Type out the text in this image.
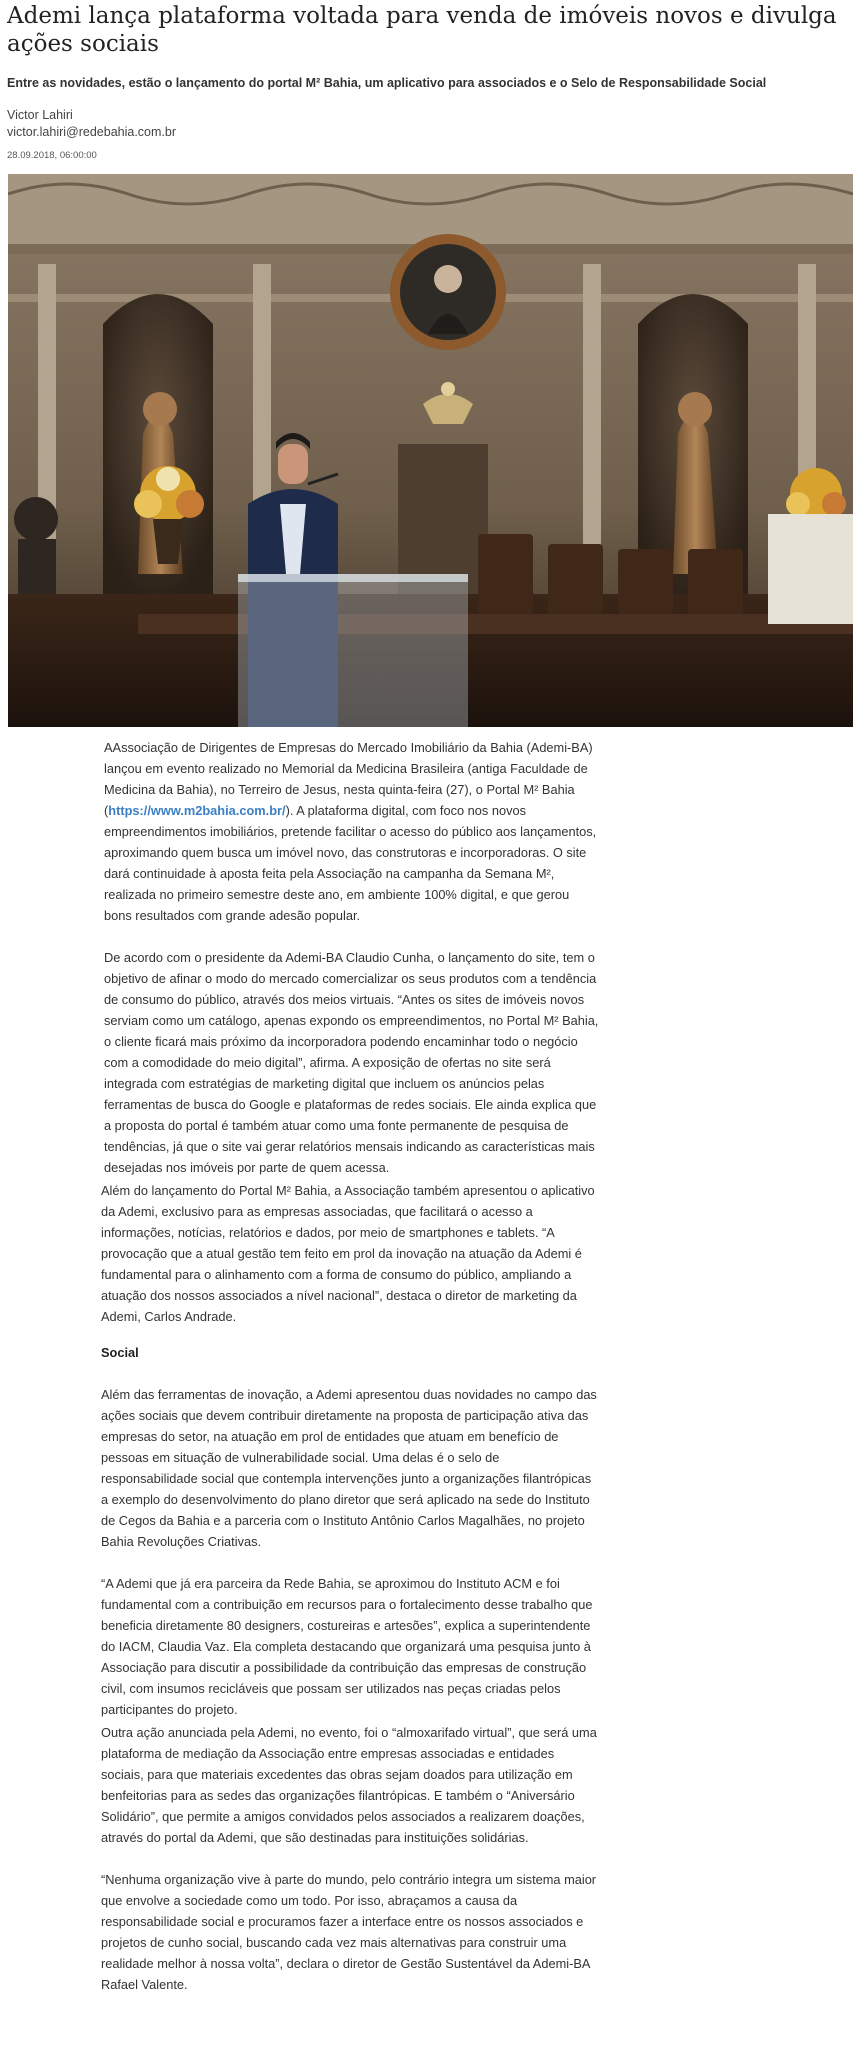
Ademi lança plataforma voltada para venda de imóveis novos e divulga ações sociais
Entre as novidades, estão o lançamento do portal M² Bahia, um aplicativo para associados e o Selo de Responsabilidade Social
Victor Lahiri
victor.lahiri@redebahia.com.br
28.09.2018, 06:00:00

AAssociação de Dirigentes de Empresas do Mercado Imobiliário da Bahia (Ademi-BA) lançou em evento realizado no Memorial da Medicina Brasileira (antiga Faculdade de Medicina da Bahia), no Terreiro de Jesus, nesta quinta-feira (27), o Portal M² Bahia (https://www.m2bahia.com.br/). A plataforma digital, com foco nos novos empreendimentos imobiliários, pretende facilitar o acesso do público aos lançamentos, aproximando quem busca um imóvel novo, das construtoras e incorporadoras. O site dará continuidade à aposta feita pela Associação na campanha da Semana M², realizada no primeiro semestre deste ano, em ambiente 100% digital, e que gerou bons resultados com grande adesão popular.

De acordo com o presidente da Ademi-BA Claudio Cunha, o lançamento do site, tem o objetivo de afinar o modo do mercado comercializar os seus produtos com a tendência de consumo do público, através dos meios virtuais. “Antes os sites de imóveis novos serviam como um catálogo, apenas expondo os empreendimentos, no Portal M² Bahia, o cliente ficará mais próximo da incorporadora podendo encaminhar todo o negócio com a comodidade do meio digital”, afirma. A exposição de ofertas no site será integrada com estratégias de marketing digital que incluem os anúncios pelas ferramentas de busca do Google e plataformas de redes sociais. Ele ainda explica que a proposta do portal é também atuar como uma fonte permanente de pesquisa de tendências, já que o site vai gerar relatórios mensais indicando as características mais desejadas nos imóveis por parte de quem acessa.

Além do lançamento do Portal M² Bahia, a Associação também apresentou o aplicativo da Ademi, exclusivo para as empresas associadas, que facilitará o acesso a informações, notícias, relatórios e dados, por meio de smartphones e tablets. “A provocação que a atual gestão tem feito em prol da inovação na atuação da Ademi é fundamental para o alinhamento com a forma de consumo do público, ampliando a atuação dos nossos associados a nível nacional”, destaca o diretor de marketing da Ademi, Carlos Andrade.

Social

Além das ferramentas de inovação, a Ademi apresentou duas novidades no campo das ações sociais que devem contribuir diretamente na proposta de participação ativa das empresas do setor, na atuação em prol de entidades que atuam em benefício de pessoas em situação de vulnerabilidade social. Uma delas é o selo de responsabilidade social que contempla intervenções junto a organizações filantrópicas a exemplo do desenvolvimento do plano diretor que será aplicado na sede do Instituto de Cegos da Bahia e a parceria com o Instituto Antônio Carlos Magalhães, no projeto Bahia Revoluções Criativas.

“A Ademi que já era parceira da Rede Bahia, se aproximou do Instituto ACM e foi fundamental com a contribuição em recursos para o fortalecimento desse trabalho que beneficia diretamente 80 designers, costureiras e artesões”, explica a superintendente do IACM, Claudia Vaz. Ela completa destacando que organizará uma pesquisa junto à Associação para discutir a possibilidade da contribuição das empresas de construção civil, com insumos recicláveis que possam ser utilizados nas peças criadas pelos participantes do projeto.

Outra ação anunciada pela Ademi, no evento, foi o “almoxarifado virtual”, que será uma plataforma de mediação da Associação entre empresas associadas e entidades sociais, para que materiais excedentes das obras sejam doados para utilização em benfeitorias para as sedes das organizações filantrópicas. E também o “Aniversário Solidário”, que permite a amigos convidados pelos associados a realizarem doações, através do portal da Ademi, que são destinadas para instituições solidárias.

“Nenhuma organização vive à parte do mundo, pelo contrário integra um sistema maior que envolve a sociedade como um todo. Por isso, abraçamos a causa da responsabilidade social e procuramos fazer a interface entre os nossos associados e projetos de cunho social, buscando cada vez mais alternativas para construir uma realidade melhor à nossa volta”, declara o diretor de Gestão Sustentável da Ademi-BA Rafael Valente.
